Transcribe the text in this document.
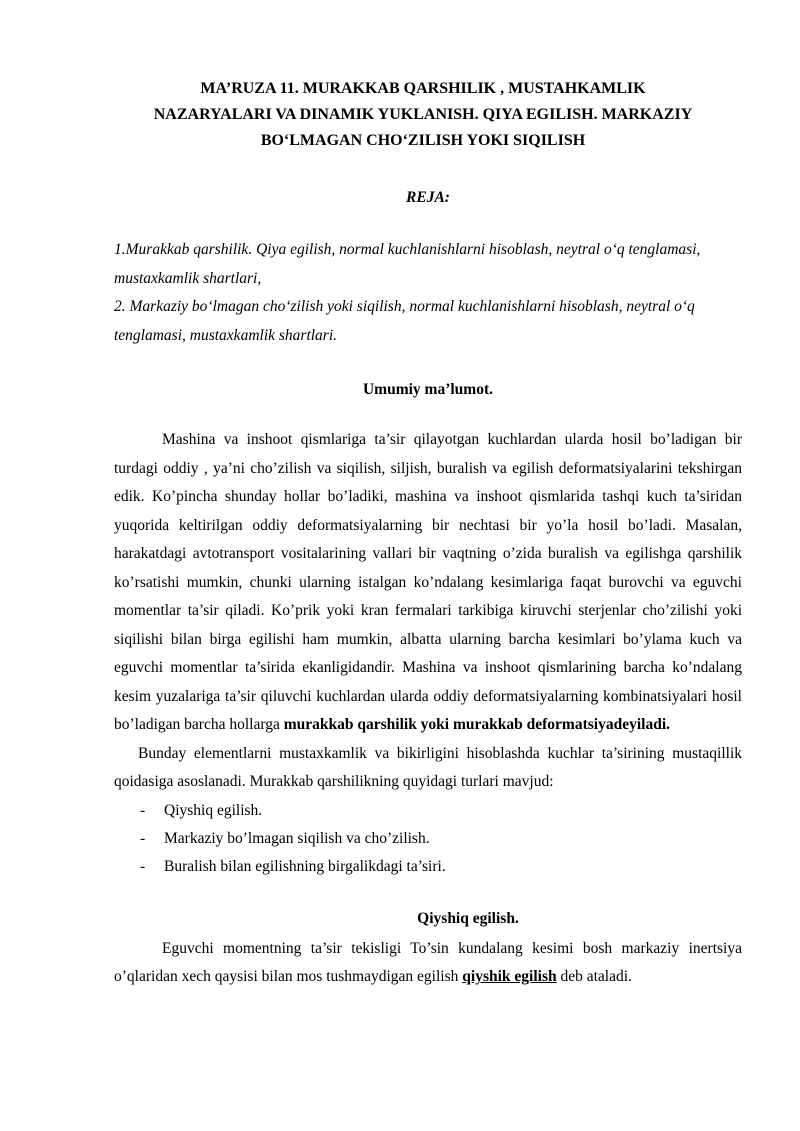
MA’RUZA 11. MURAKKAB QARSHILIK , MUSTAHKAMLIK
NAZARYALARI VA DINAMIK YUKLANISH. QIYA EGILISH. MARKAZIY
BO‘LMAGAN CHO‘ZILISH YOKI SIQILISH
REJA:

1.Murakkab qarshilik. Qiya egilish, normal kuchlanishlarni hisoblash, neytral o‘q tenglamasi, mustaxkamlik shartlari,

2. Markaziy bo‘lmagan cho‘zilish yoki siqilish, normal kuchlanishlarni hisoblash, neytral o‘q tenglamasi, mustaxkamlik shartlari.

Umumiy ma’lumot.

Mashina va inshoot qismlariga ta’sir qilayotgan kuchlardan ularda hosil bo’ladigan bir turdagi oddiy , ya’ni cho’zilish va siqilish, siljish, buralish va egilish deformatsiyalarini tekshirgan edik. Ko’pincha shunday hollar bo’ladiki, mashina va inshoot qismlarida tashqi kuch ta’siridan yuqorida keltirilgan oddiy deformatsiyalarning bir nechtasi bir yo’la hosil bo’ladi. Masalan, harakatdagi avtotransport vositalarining vallari bir vaqtning o’zida buralish va egilishga qarshilik ko’rsatishi mumkin, chunki ularning istalgan ko’ndalang kesimlariga faqat burovchi va eguvchi momentlar ta’sir qiladi. Ko’prik yoki kran fermalari tarkibiga kiruvchi sterjenlar cho’zilishi yoki siqilishi bilan birga egilishi ham mumkin, albatta ularning barcha kesimlari bo’ylama kuch va eguvchi momentlar ta’sirida ekanligidandir. Mashina va inshoot qismlarining barcha ko’ndalang kesim yuzalariga ta’sir qiluvchi kuchlardan ularda oddiy deformatsiyalarning kombinatsiyalari hosil bo’ladigan barcha hollarga murakkab qarshilik yoki murakkab deformatsiyadeyiladi.

Bunday elementlarni mustaxkamlik va bikirligini hisoblashda kuchlar ta’sirining mustaqillik qoidasiga asoslanadi. Murakkab qarshilikning quyidagi turlari mavjud:

- Qiyshiq egilish.
- Markaziy bo’lmagan siqilish va cho’zilish.
- Buralish bilan egilishning birgalikdagi ta’siri.
Qiyshiq egilish.

Eguvchi momentning ta’sir tekisligi To’sin kundalang kesimi bosh markaziy inertsiya o’qlaridan xech qaysisi bilan mos tushmaydigan egilish qiyshik egilish deb ataladi.
